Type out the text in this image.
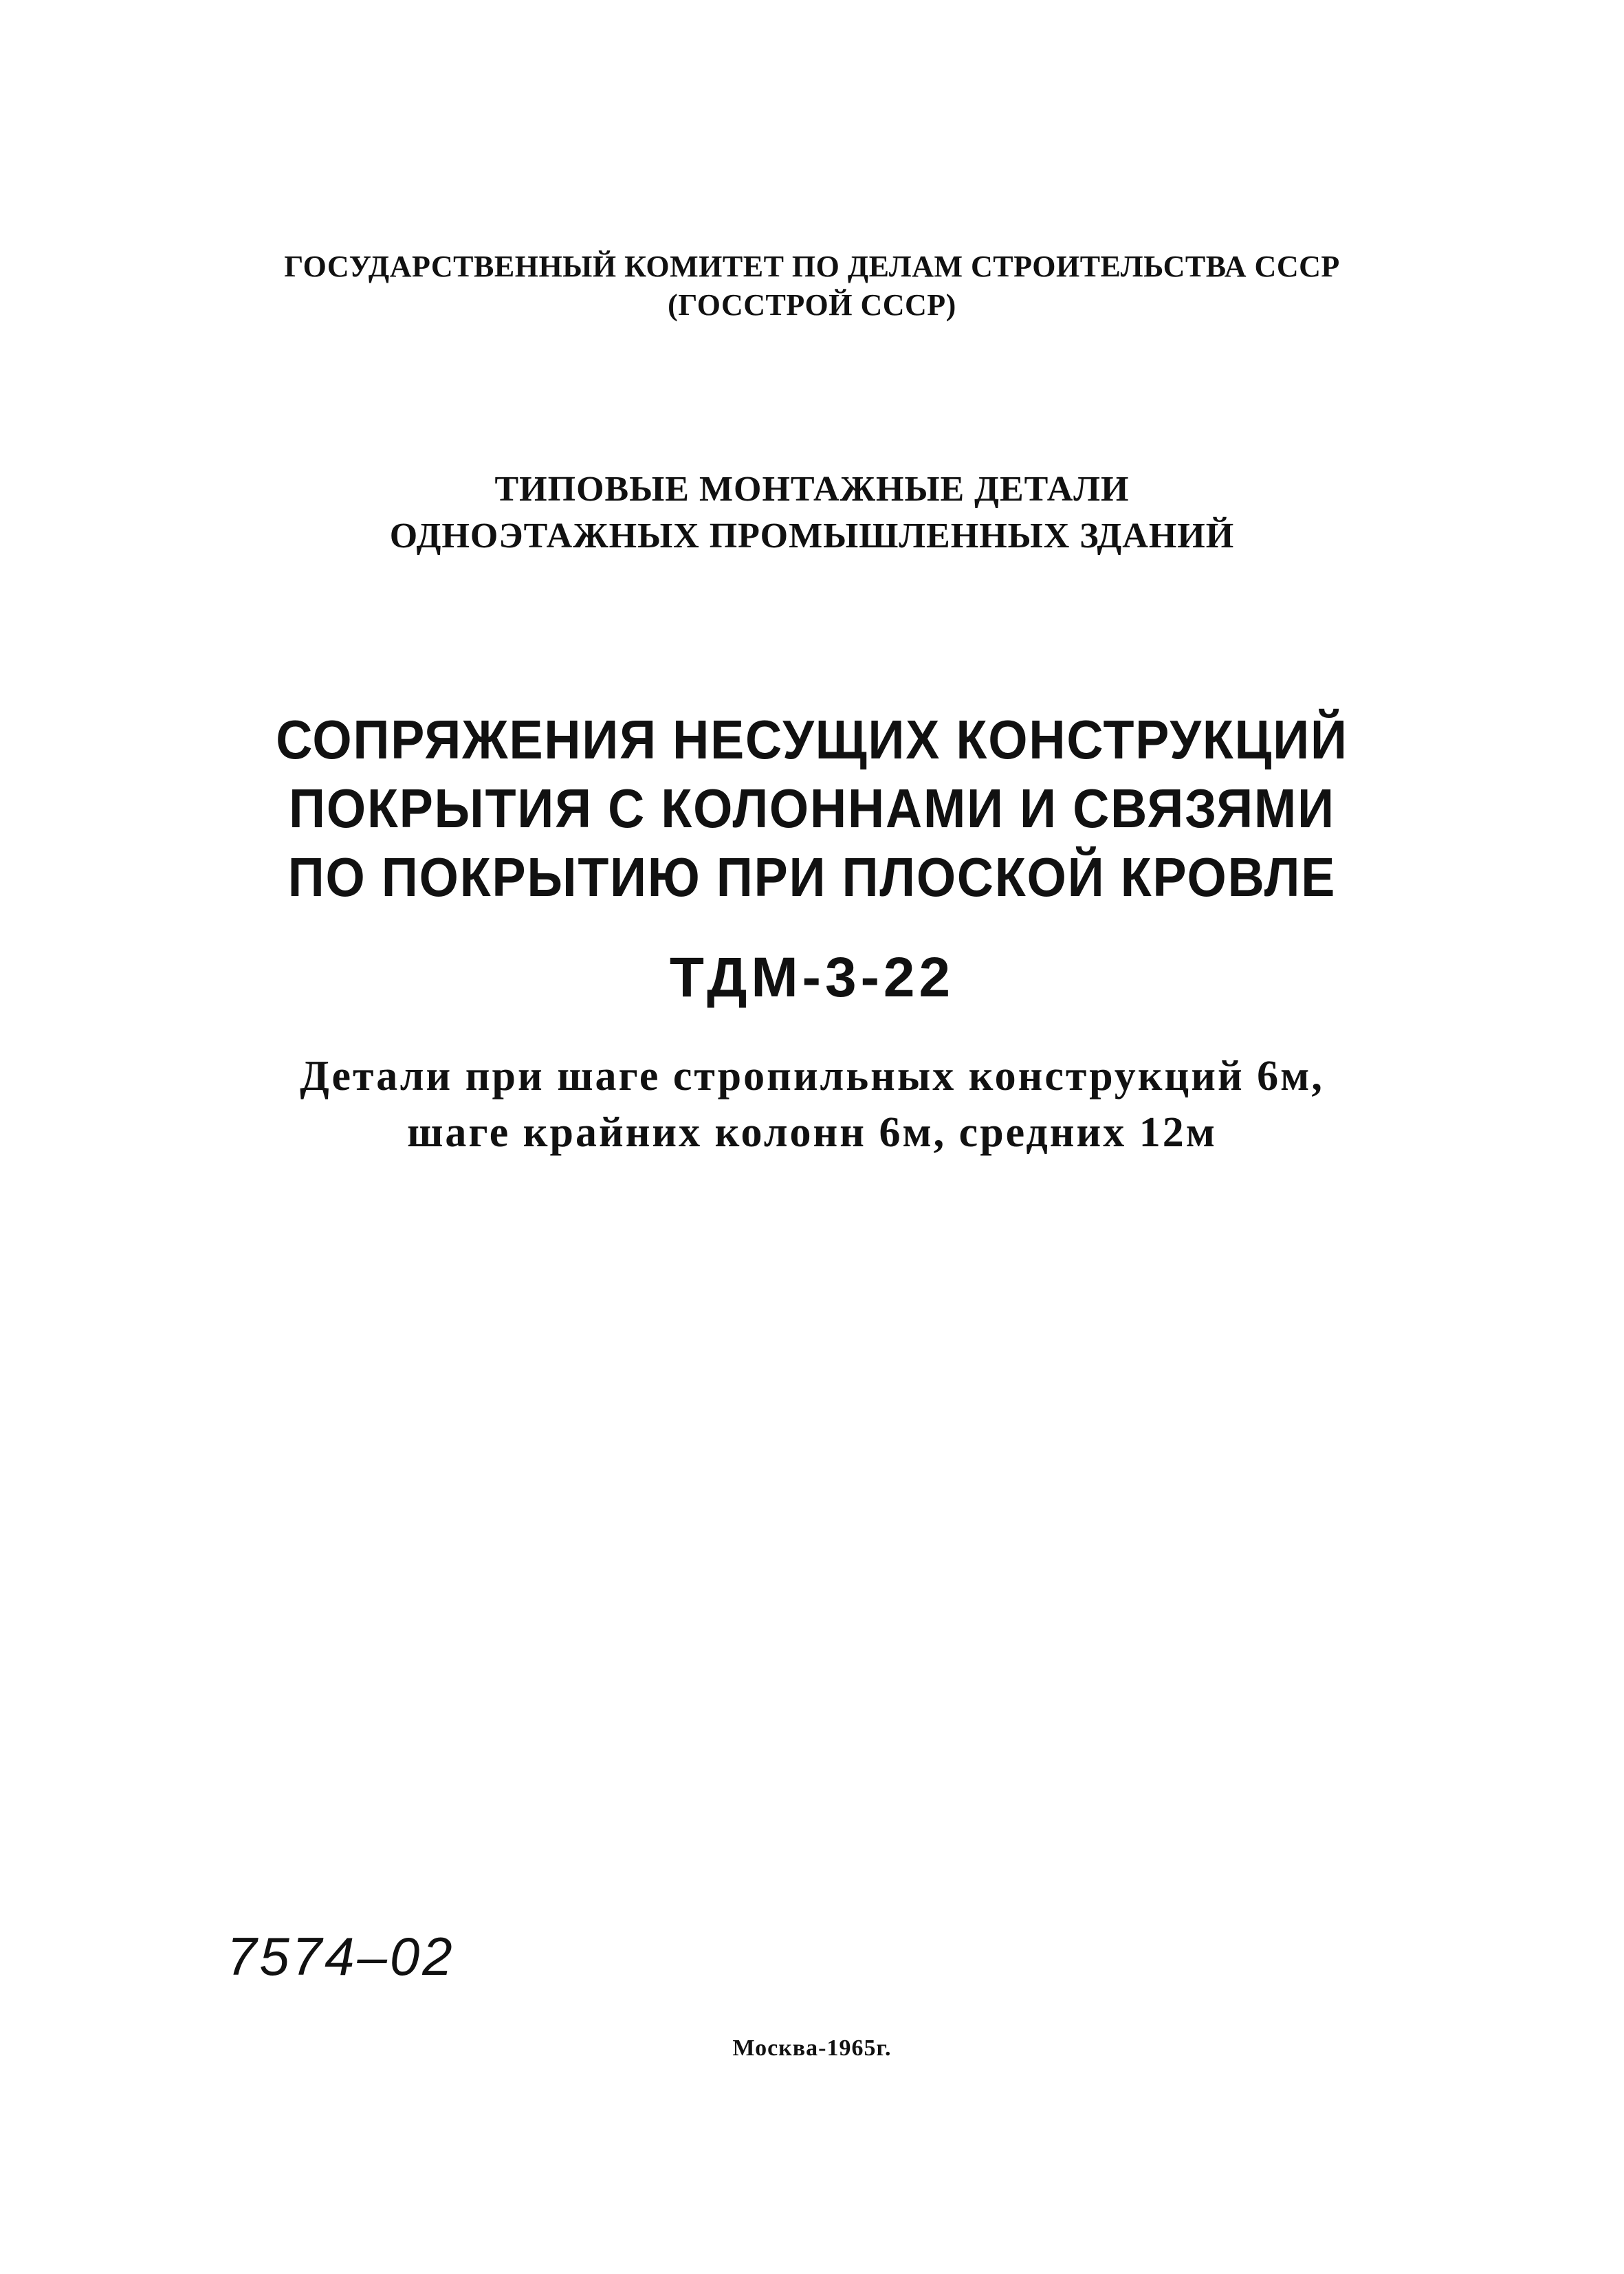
ГОСУДАРСТВЕННЫЙ КОМИТЕТ ПО ДЕЛАМ СТРОИТЕЛЬСТВА СССР

(ГОССТРОЙ СССР)

ТИПОВЫЕ МОНТАЖНЫЕ ДЕТАЛИ

ОДНОЭТАЖНЫХ ПРОМЫШЛЕННЫХ ЗДАНИЙ

СОПРЯЖЕНИЯ НЕСУЩИХ КОНСТРУКЦИЙ

ПОКРЫТИЯ С КОЛОННАМИ И СВЯЗЯМИ

ПО ПОКРЫТИЮ ПРИ ПЛОСКОЙ КРОВЛЕ

ТДМ-3-22

Детали при шаге стропильных конструкций 6м,

шаге крайних колонн 6м, средних 12м

7574–02
Москва-1965г.
